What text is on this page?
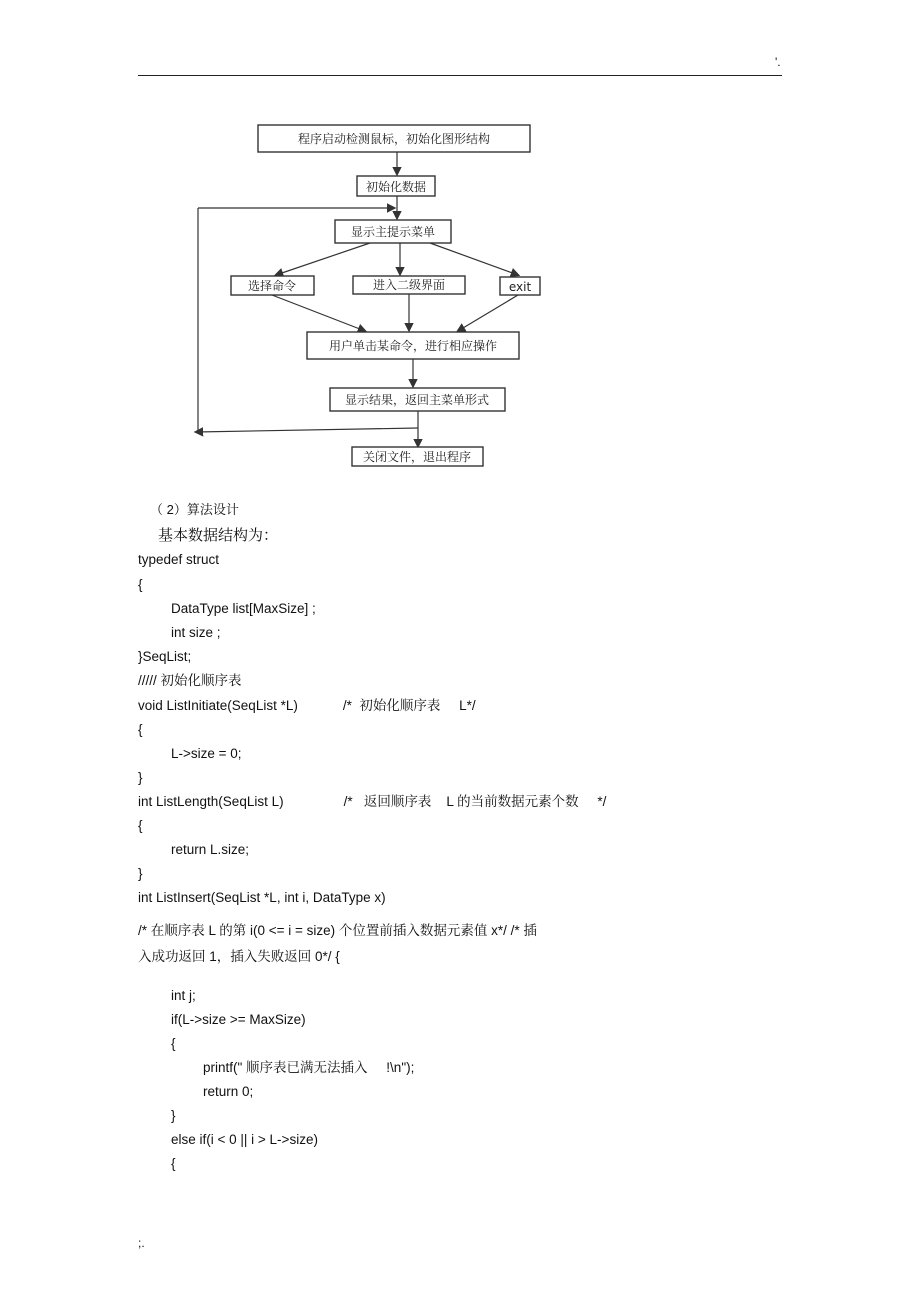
'.
程序启动检测鼠标，初始化图形结构
初始化数据
显示主提示菜单
选择命令	进入二级界面	exit
用户单击某命令，进行相应操作
显示结果，返回主菜单形式
关闭文件，退出程序
（ 2）算法设计
基本数据结构为：
typedef struct
{
DataType list[MaxSize] ;
int size ;
}SeqList;
///// 初始化顺序表
void ListInitiate(SeqList *L)            /*  初始化顺序表     L*/
{
L->size = 0;
}
int ListLength(SeqList L)                /*   返回顺序表    L 的当前数据元素个数     */
{
return L.size;
}
int ListInsert(SeqList *L, int i, DataType x)
/* 在顺序表 L 的第 i(0 <= i = size) 个位置前插入数据元素值 x*/ /* 插
入成功返回 1，插入失败返回 0*/ {
int j;
if(L->size >= MaxSize)
{
printf(" 顺序表已满无法插入     !\n");
return 0;
}
else if(i < 0 || i > L->size)
{
;.
